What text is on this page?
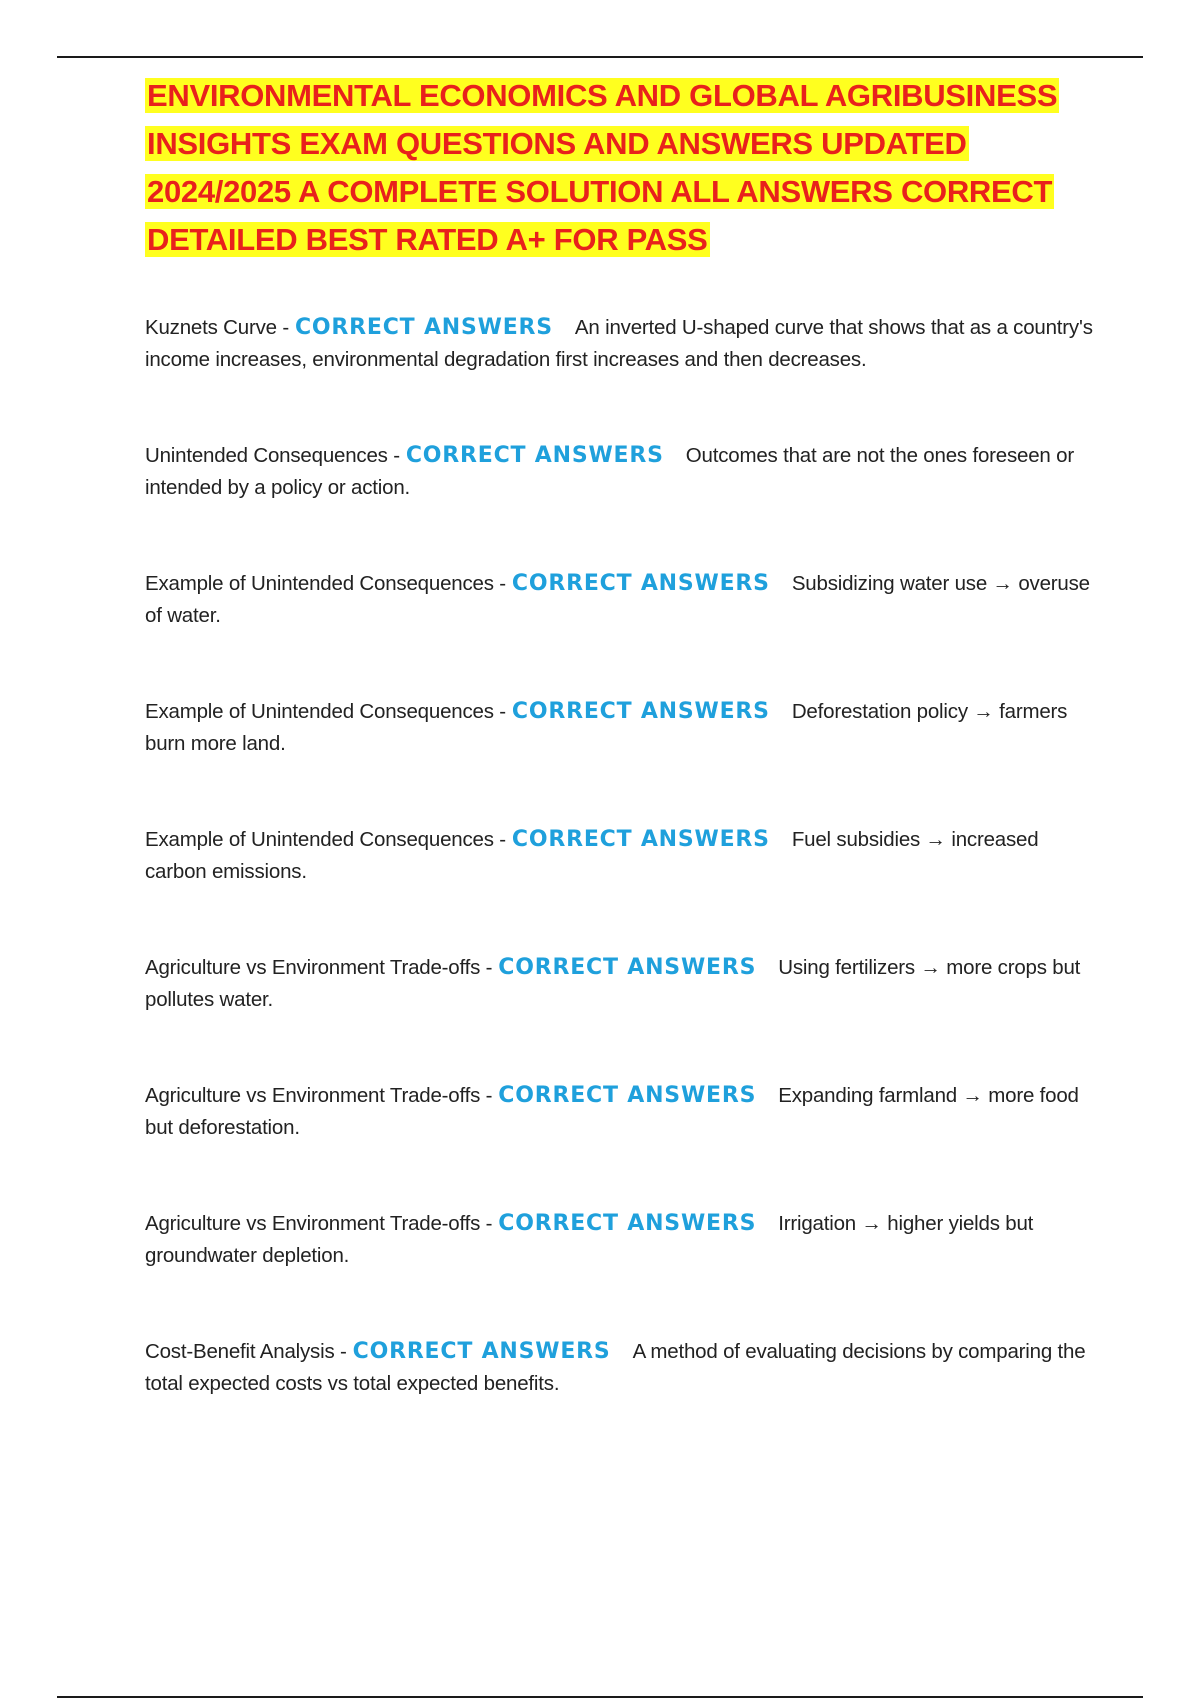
ENVIRONMENTAL ECONOMICS AND GLOBAL AGRIBUSINESS
INSIGHTS EXAM QUESTIONS AND ANSWERS UPDATED
2024/2025 A COMPLETE SOLUTION ALL ANSWERS CORRECT
DETAILED BEST RATED A+ FOR PASS
Kuznets Curve - CORRECT ANSWERS An inverted U-shaped curve that shows that as a country's income increases, environmental degradation first increases and then decreases.
Unintended Consequences - CORRECT ANSWERS Outcomes that are not the ones foreseen or intended by a policy or action.
Example of Unintended Consequences - CORRECT ANSWERS Subsidizing water use → overuse of water.
Example of Unintended Consequences - CORRECT ANSWERS Deforestation policy → farmers burn more land.
Example of Unintended Consequences - CORRECT ANSWERS Fuel subsidies → increased carbon emissions.
Agriculture vs Environment Trade-offs - CORRECT ANSWERS Using fertilizers → more crops but pollutes water.
Agriculture vs Environment Trade-offs - CORRECT ANSWERS Expanding farmland → more food but deforestation.
Agriculture vs Environment Trade-offs - CORRECT ANSWERS Irrigation → higher yields but groundwater depletion.
Cost-Benefit Analysis - CORRECT ANSWERS A method of evaluating decisions by comparing the total expected costs vs total expected benefits.
